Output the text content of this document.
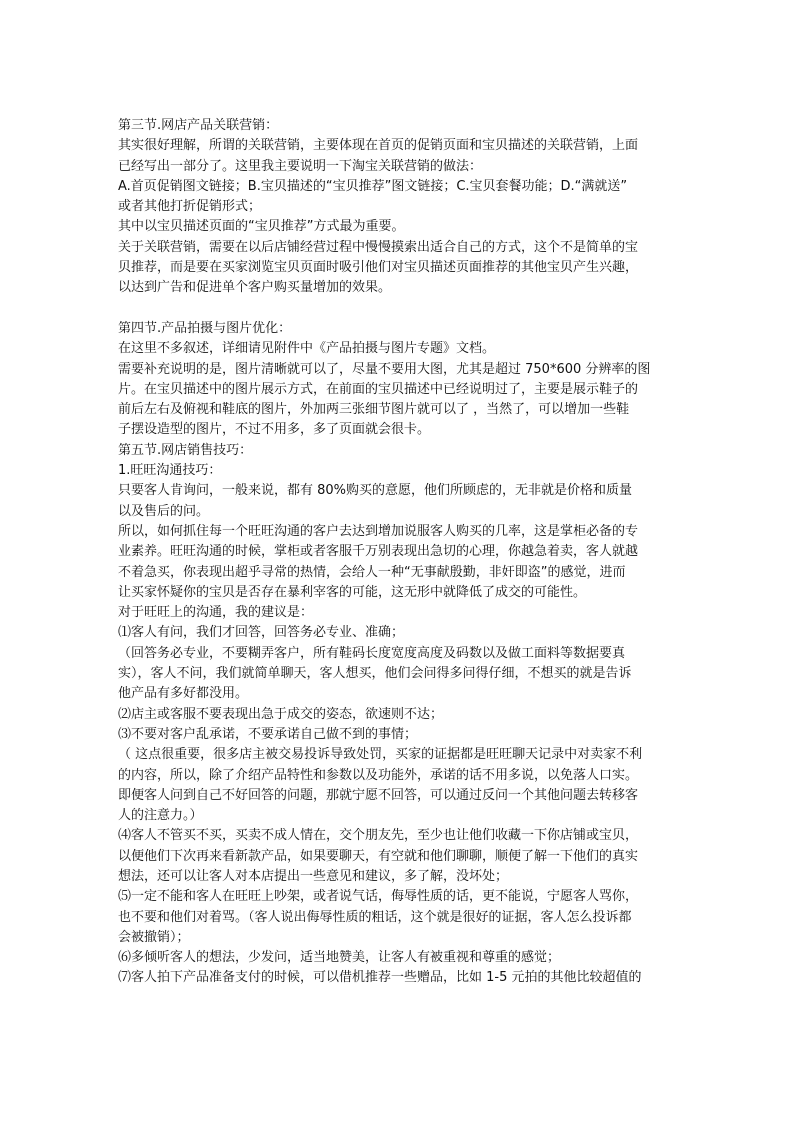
第三节.网店产品关联营销：
其实很好理解，所谓的关联营销，主要体现在首页的促销页面和宝贝描述的关联营销，上面
已经写出一部分了。这里我主要说明一下淘宝关联营销的做法：
A.首页促销图文链接；B.宝贝描述的“宝贝推荐”图文链接；C.宝贝套餐功能；D.“满就送”
或者其他打折促销形式；
其中以宝贝描述页面的“宝贝推荐”方式最为重要。
关于关联营销，需要在以后店铺经营过程中慢慢摸索出适合自己的方式，这个不是简单的宝
贝推荐，而是要在买家浏览宝贝页面时吸引他们对宝贝描述页面推荐的其他宝贝产生兴趣，
以达到广告和促进单个客户购买量增加的效果。
第四节.产品拍摄与图片优化：
在这里不多叙述，详细请见附件中《产品拍摄与图片专题》文档。
需要补充说明的是，图片清晰就可以了，尽量不要用大图，尤其是超过 750*600 分辨率的图
片。在宝贝描述中的图片展示方式，在前面的宝贝描述中已经说明过了，主要是展示鞋子的
前后左右及俯视和鞋底的图片，外加两三张细节图片就可以了 ，当然了，可以增加一些鞋
子摆设造型的图片，不过不用多，多了页面就会很卡。
第五节.网店销售技巧：
1.旺旺沟通技巧：
只要客人肯询问，一般来说，都有 80%购买的意愿，他们所顾虑的，无非就是价格和质量
以及售后的问。
所以，如何抓住每一个旺旺沟通的客户去达到增加说服客人购买的几率，这是掌柜必备的专
业素养。旺旺沟通的时候，掌柜或者客服千万别表现出急切的心理，你越急着卖，客人就越
不着急买，你表现出超乎寻常的热情，会给人一种“无事献殷勤，非奸即盗”的感觉，进而
让买家怀疑你的宝贝是否存在暴利宰客的可能，这无形中就降低了成交的可能性。
对于旺旺上的沟通，我的建议是：
⑴客人有问，我们才回答，回答务必专业、准确；
（回答务必专业，不要糊弄客户，所有鞋码长度宽度高度及码数以及做工面料等数据要真
实），客人不问，我们就简单聊天，客人想买，他们会问得多问得仔细，不想买的就是告诉
他产品有多好都没用。
⑵店主或客服不要表现出急于成交的姿态，欲速则不达；
⑶不要对客户乱承诺，不要承诺自己做不到的事情；
（ 这点很重要，很多店主被交易投诉导致处罚，买家的证据都是旺旺聊天记录中对卖家不利
的内容，所以，除了介绍产品特性和参数以及功能外，承诺的话不用多说，以免落人口实。
即便客人问到自己不好回答的问题，那就宁愿不回答，可以通过反问一个其他问题去转移客
人的注意力。）
⑷客人不管买不买，买卖不成人情在，交个朋友先，至少也让他们收藏一下你店铺或宝贝，
以便他们下次再来看新款产品，如果要聊天，有空就和他们聊聊，顺便了解一下他们的真实
想法，还可以让客人对本店提出一些意见和建议，多了解，没坏处；
⑸一定不能和客人在旺旺上吵架，或者说气话，侮辱性质的话，更不能说，宁愿客人骂你，
也不要和他们对着骂。（客人说出侮辱性质的粗话，这个就是很好的证据，客人怎么投诉都
会被撤销）；
⑹多倾听客人的想法，少发问，适当地赞美，让客人有被重视和尊重的感觉；
⑺客人拍下产品准备支付的时候，可以借机推荐一些赠品，比如 1-5 元拍的其他比较超值的
